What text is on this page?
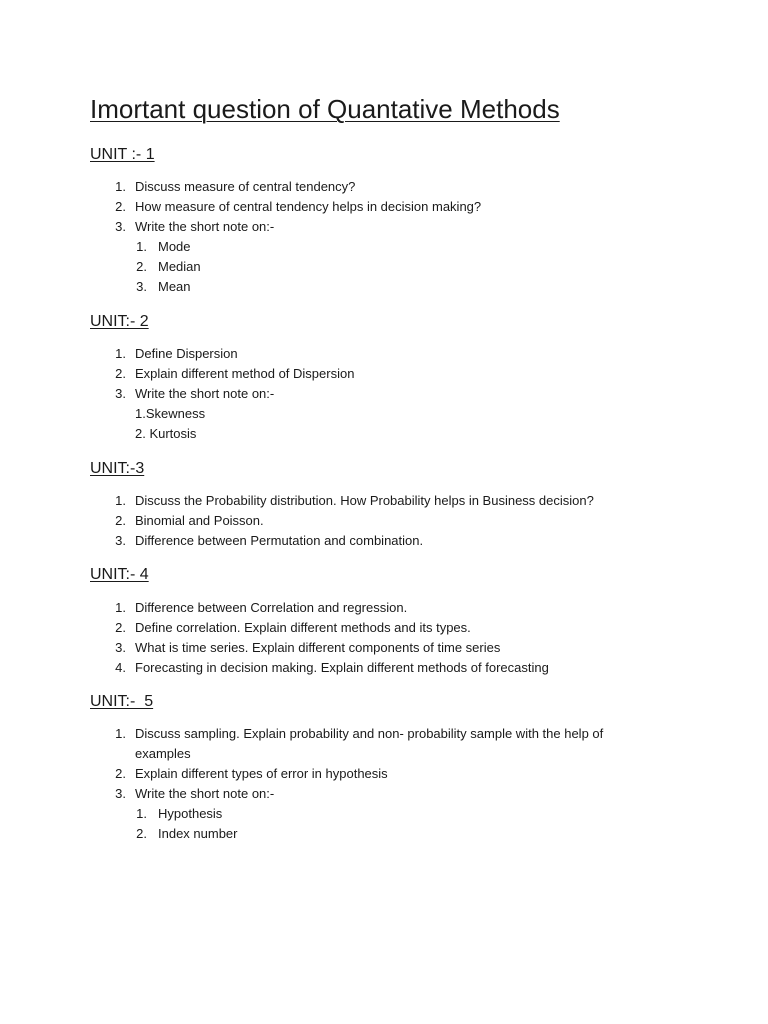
Imortant question of Quantative Methods
UNIT :- 1
1. Discuss measure of central tendency?
2. How measure of central tendency helps in decision making?
3. Write the short note on:-
1. Mode
2. Median
3. Mean
UNIT:- 2
1. Define Dispersion
2. Explain different method of Dispersion
3. Write the short note on:-
1.Skewness
2. Kurtosis
UNIT:-3
1. Discuss the Probability distribution. How Probability helps in Business decision?
2. Binomial and Poisson.
3. Difference between Permutation and combination.
UNIT:- 4
1. Difference between Correlation and regression.
2. Define correlation. Explain different methods and its types.
3. What is time series. Explain different components of time series
4. Forecasting in decision making. Explain different methods of forecasting
UNIT:-  5
1. Discuss sampling. Explain probability and non- probability sample with the help of
examples
2. Explain different types of error in hypothesis
3. Write the short note on:-
1. Hypothesis
2. Index number
